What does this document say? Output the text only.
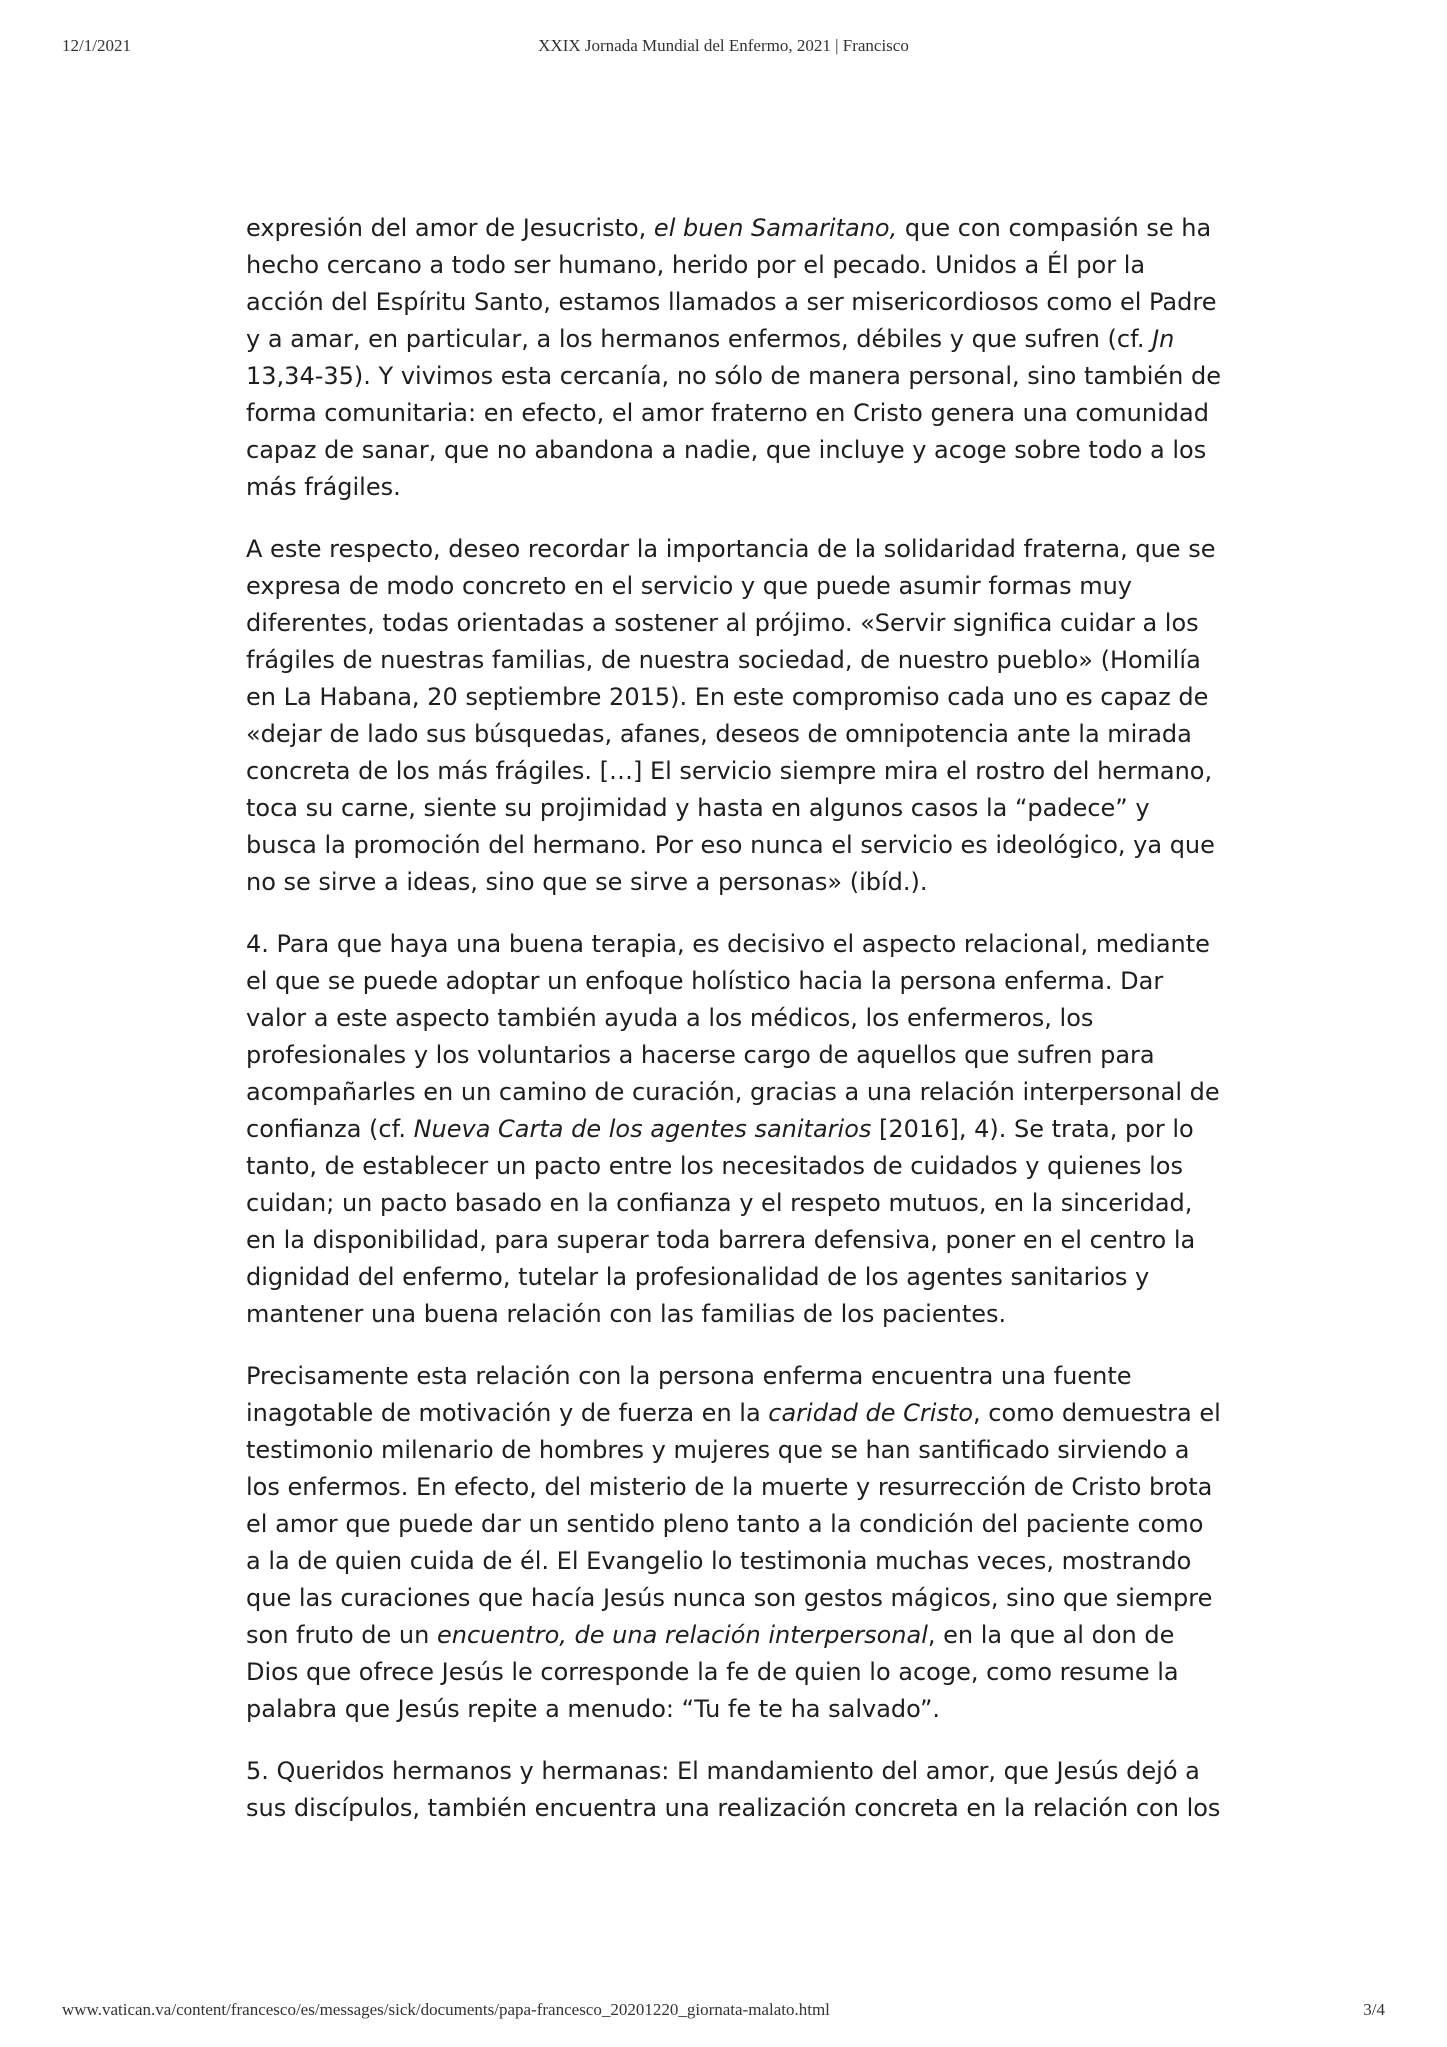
12/1/2021	XXIX Jornada Mundial del Enfermo, 2021 | Francisco

expresión del amor de Jesucristo, el buen Samaritano, que con compasión se ha hecho cercano a todo ser humano, herido por el pecado. Unidos a Él por la acción del Espíritu Santo, estamos llamados a ser misericordiosos como el Padre y a amar, en particular, a los hermanos enfermos, débiles y que sufren (cf. Jn 13,34-35). Y vivimos esta cercanía, no sólo de manera personal, sino también de forma comunitaria: en efecto, el amor fraterno en Cristo genera una comunidad capaz de sanar, que no abandona a nadie, que incluye y acoge sobre todo a los más frágiles.

A este respecto, deseo recordar la importancia de la solidaridad fraterna, que se expresa de modo concreto en el servicio y que puede asumir formas muy diferentes, todas orientadas a sostener al prójimo. «Servir significa cuidar a los frágiles de nuestras familias, de nuestra sociedad, de nuestro pueblo» (Homilía en La Habana, 20 septiembre 2015). En este compromiso cada uno es capaz de «dejar de lado sus búsquedas, afanes, deseos de omnipotencia ante la mirada concreta de los más frágiles. […] El servicio siempre mira el rostro del hermano, toca su carne, siente su projimidad y hasta en algunos casos la “padece” y busca la promoción del hermano. Por eso nunca el servicio es ideológico, ya que no se sirve a ideas, sino que se sirve a personas» (ibíd.).

4. Para que haya una buena terapia, es decisivo el aspecto relacional, mediante el que se puede adoptar un enfoque holístico hacia la persona enferma. Dar valor a este aspecto también ayuda a los médicos, los enfermeros, los profesionales y los voluntarios a hacerse cargo de aquellos que sufren para acompañarles en un camino de curación, gracias a una relación interpersonal de confianza (cf. Nueva Carta de los agentes sanitarios [2016], 4). Se trata, por lo tanto, de establecer un pacto entre los necesitados de cuidados y quienes los cuidan; un pacto basado en la confianza y el respeto mutuos, en la sinceridad, en la disponibilidad, para superar toda barrera defensiva, poner en el centro la dignidad del enfermo, tutelar la profesionalidad de los agentes sanitarios y mantener una buena relación con las familias de los pacientes.

Precisamente esta relación con la persona enferma encuentra una fuente inagotable de motivación y de fuerza en la caridad de Cristo, como demuestra el testimonio milenario de hombres y mujeres que se han santificado sirviendo a los enfermos. En efecto, del misterio de la muerte y resurrección de Cristo brota el amor que puede dar un sentido pleno tanto a la condición del paciente como a la de quien cuida de él. El Evangelio lo testimonia muchas veces, mostrando que las curaciones que hacía Jesús nunca son gestos mágicos, sino que siempre son fruto de un encuentro, de una relación interpersonal, en la que al don de Dios que ofrece Jesús le corresponde la fe de quien lo acoge, como resume la palabra que Jesús repite a menudo: “Tu fe te ha salvado”.

5. Queridos hermanos y hermanas: El mandamiento del amor, que Jesús dejó a sus discípulos, también encuentra una realización concreta en la relación con los

www.vatican.va/content/francesco/es/messages/sick/documents/papa-francesco_20201220_giornata-malato.html	3/4
